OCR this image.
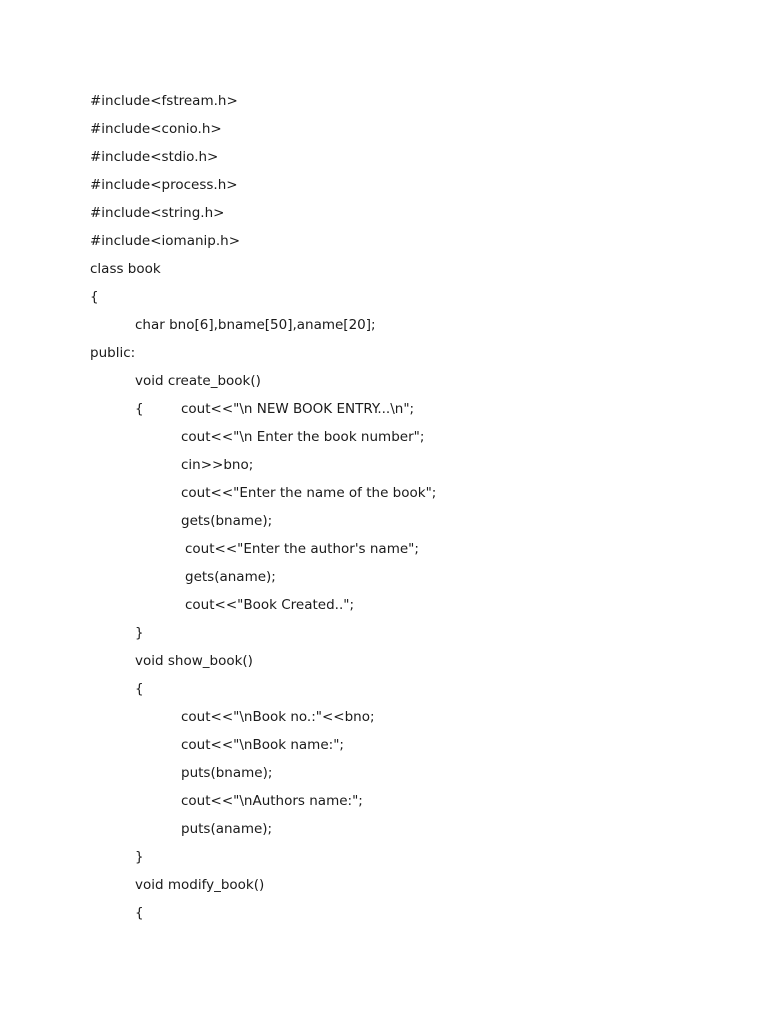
#include<fstream.h>
#include<conio.h>
#include<stdio.h>
#include<process.h>
#include<string.h>
#include<iomanip.h>
class book
{
char bno[6],bname[50],aname[20];
public:
void create_book()
{	cout<<"\n NEW BOOK ENTRY...\n";
cout<<"\n Enter the book number";
cin>>bno;
cout<<"Enter the name of the book";
gets(bname);
cout<<"Enter the author's name";
gets(aname);
cout<<"Book Created..";
}
void show_book()
{
cout<<"\nBook no.:"<<bno;
cout<<"\nBook name:";
puts(bname);
cout<<"\nAuthors name:";
puts(aname);
}
void modify_book()
{
